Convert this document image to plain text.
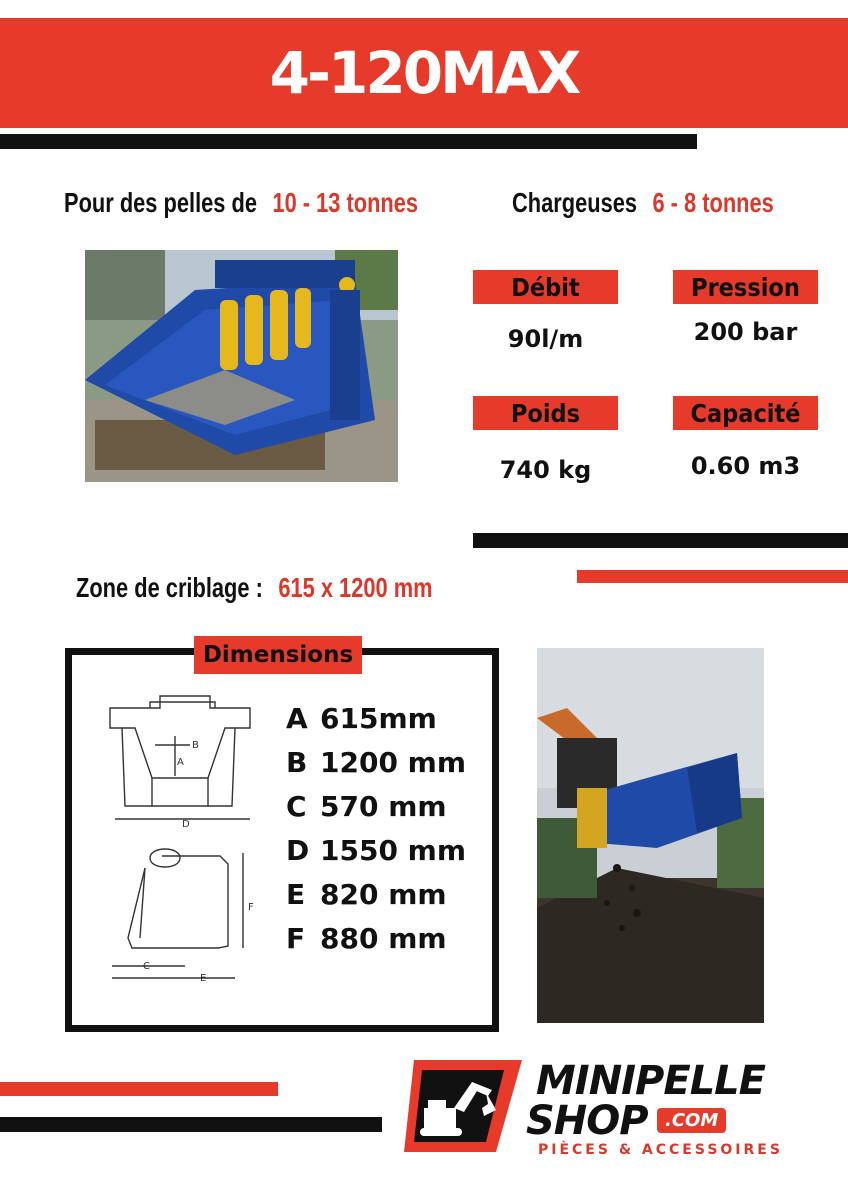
4-120MAX
Pour des pelles de 10 - 13 tonnes	Chargeuses 6 - 8 tonnes
Débit	Pression
90l/m	200 bar
Poids	Capacité
740 kg	0.60 m3
Zone de criblage : 615 x 1200 mm
Dimensions
B
A
D
F
C
E
A 615mm
B 1200 mm
C 570 mm
D 1550 mm
E 820 mm
F 880 mm
MINIPELLE
SHOP .COM
PIÈCES & ACCESSOIRES
